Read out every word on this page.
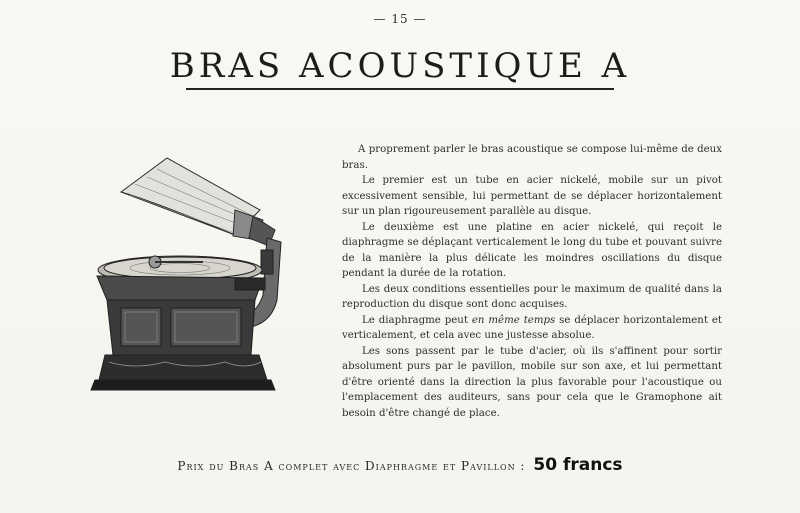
— 15 —
BRAS ACOUSTIQUE A

A proprement parler le bras acoustique se compose lui-même de deux bras.

Le premier est un tube en acier nickelé, mobile sur un pivot excessivement sensible, lui permettant de se déplacer horizontalement sur un plan rigoureusement parallèle au disque.

Le deuxième est une platine en acier nickelé, qui reçoit le diaphragme se déplaçant verticalement le long du tube et pouvant suivre de la manière la plus délicate les moindres oscillations du disque pendant la durée de la rotation.

Les deux conditions essentielles pour le maximum de qualité dans la reproduction du disque sont donc acquises.

Le diaphragme peut en même temps se déplacer horizontalement et verticalement, et cela avec une justesse absolue.

Les sons passent par le tube d'acier, où ils s'affinent pour sortir absolument purs par le pavillon, mobile sur son axe, et lui permettant d'être orienté dans la direction la plus favorable pour l'acoustique ou l'emplacement des auditeurs, sans pour cela que le Gramophone ait besoin d'être changé de place.

Prix du Bras A complet avec Diaphragme et Pavillon : 50 francs
